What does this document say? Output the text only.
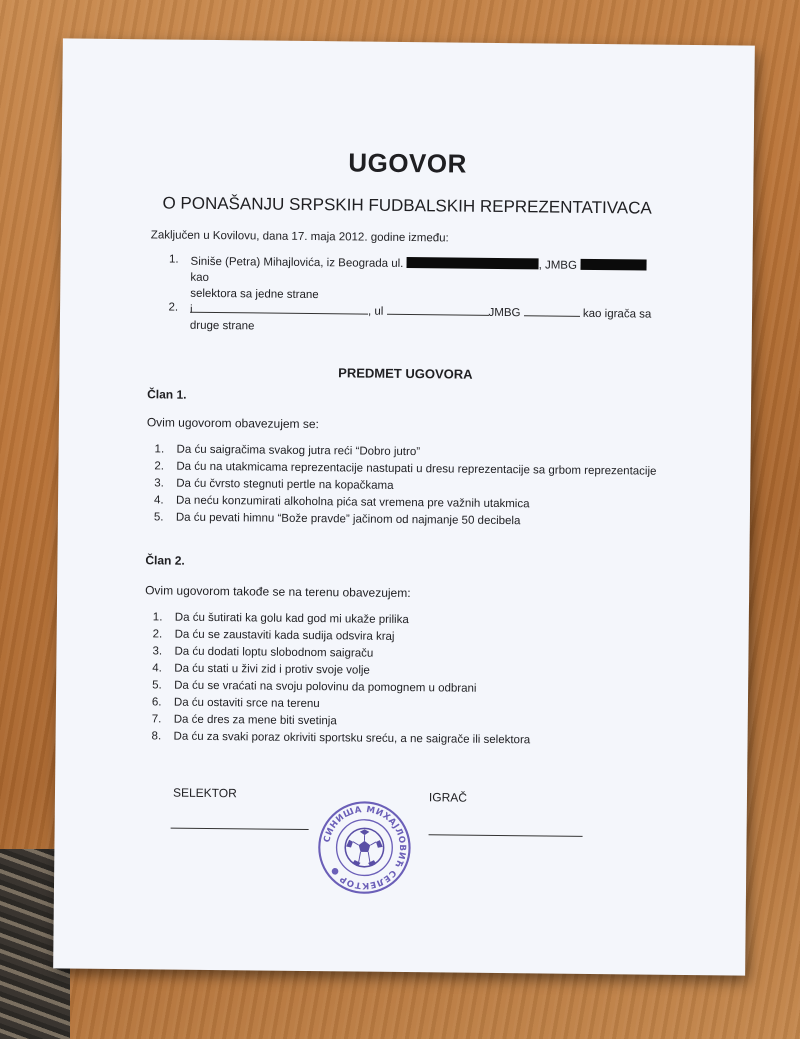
UGOVOR
O PONAŠANJU SRPSKIH FUDBALSKIH REPREZENTATIVACA
Zaključen u Kovilovu, dana 17. maja 2012. godine između:
1. Siniše (Petra) Mihajlovića, iz Beograda ul.	, JMBG  kao
selektora sa jedne strane
i
2.	, ul	JMBG	kao igrača sa
druge strane
PREDMET UGOVORA
Član 1.
Ovim ugovorom obavezujem se:
1. Da ću saigračima svakog jutra reći “Dobro jutro”
2. Da ću na utakmicama reprezentacije nastupati u dresu reprezentacije sa grbom reprezentacije
3. Da ću čvrsto stegnuti pertle na kopačkama
4. Da neću konzumirati alkoholna pića sat vremena pre važnih utakmica
5. Da ću pevati himnu “Bože pravde” jačinom od najmanje 50 decibela
Član 2.
Ovim ugovorom takođe se na terenu obavezujem:
1. Da ću šutirati ka golu kad god mi ukaže prilika
2. Da ću se zaustaviti kada sudija odsvira kraj
3. Da ću dodati loptu slobodnom saigraču
4. Da ću stati u živi zid i protiv svoje volje
5. Da ću se vraćati na svoju polovinu da pomognem u odbrani
6. Da ću ostaviti srce na terenu
7. Da će dres za mene biti svetinja
8. Da ću za svaki poraz okriviti sportsku sreću, a ne saigrače ili selektora
SELEKTOR	IGRAČ
СИНИША МИХАЈЛОВИЋ СЕЛЕКТОР ●
